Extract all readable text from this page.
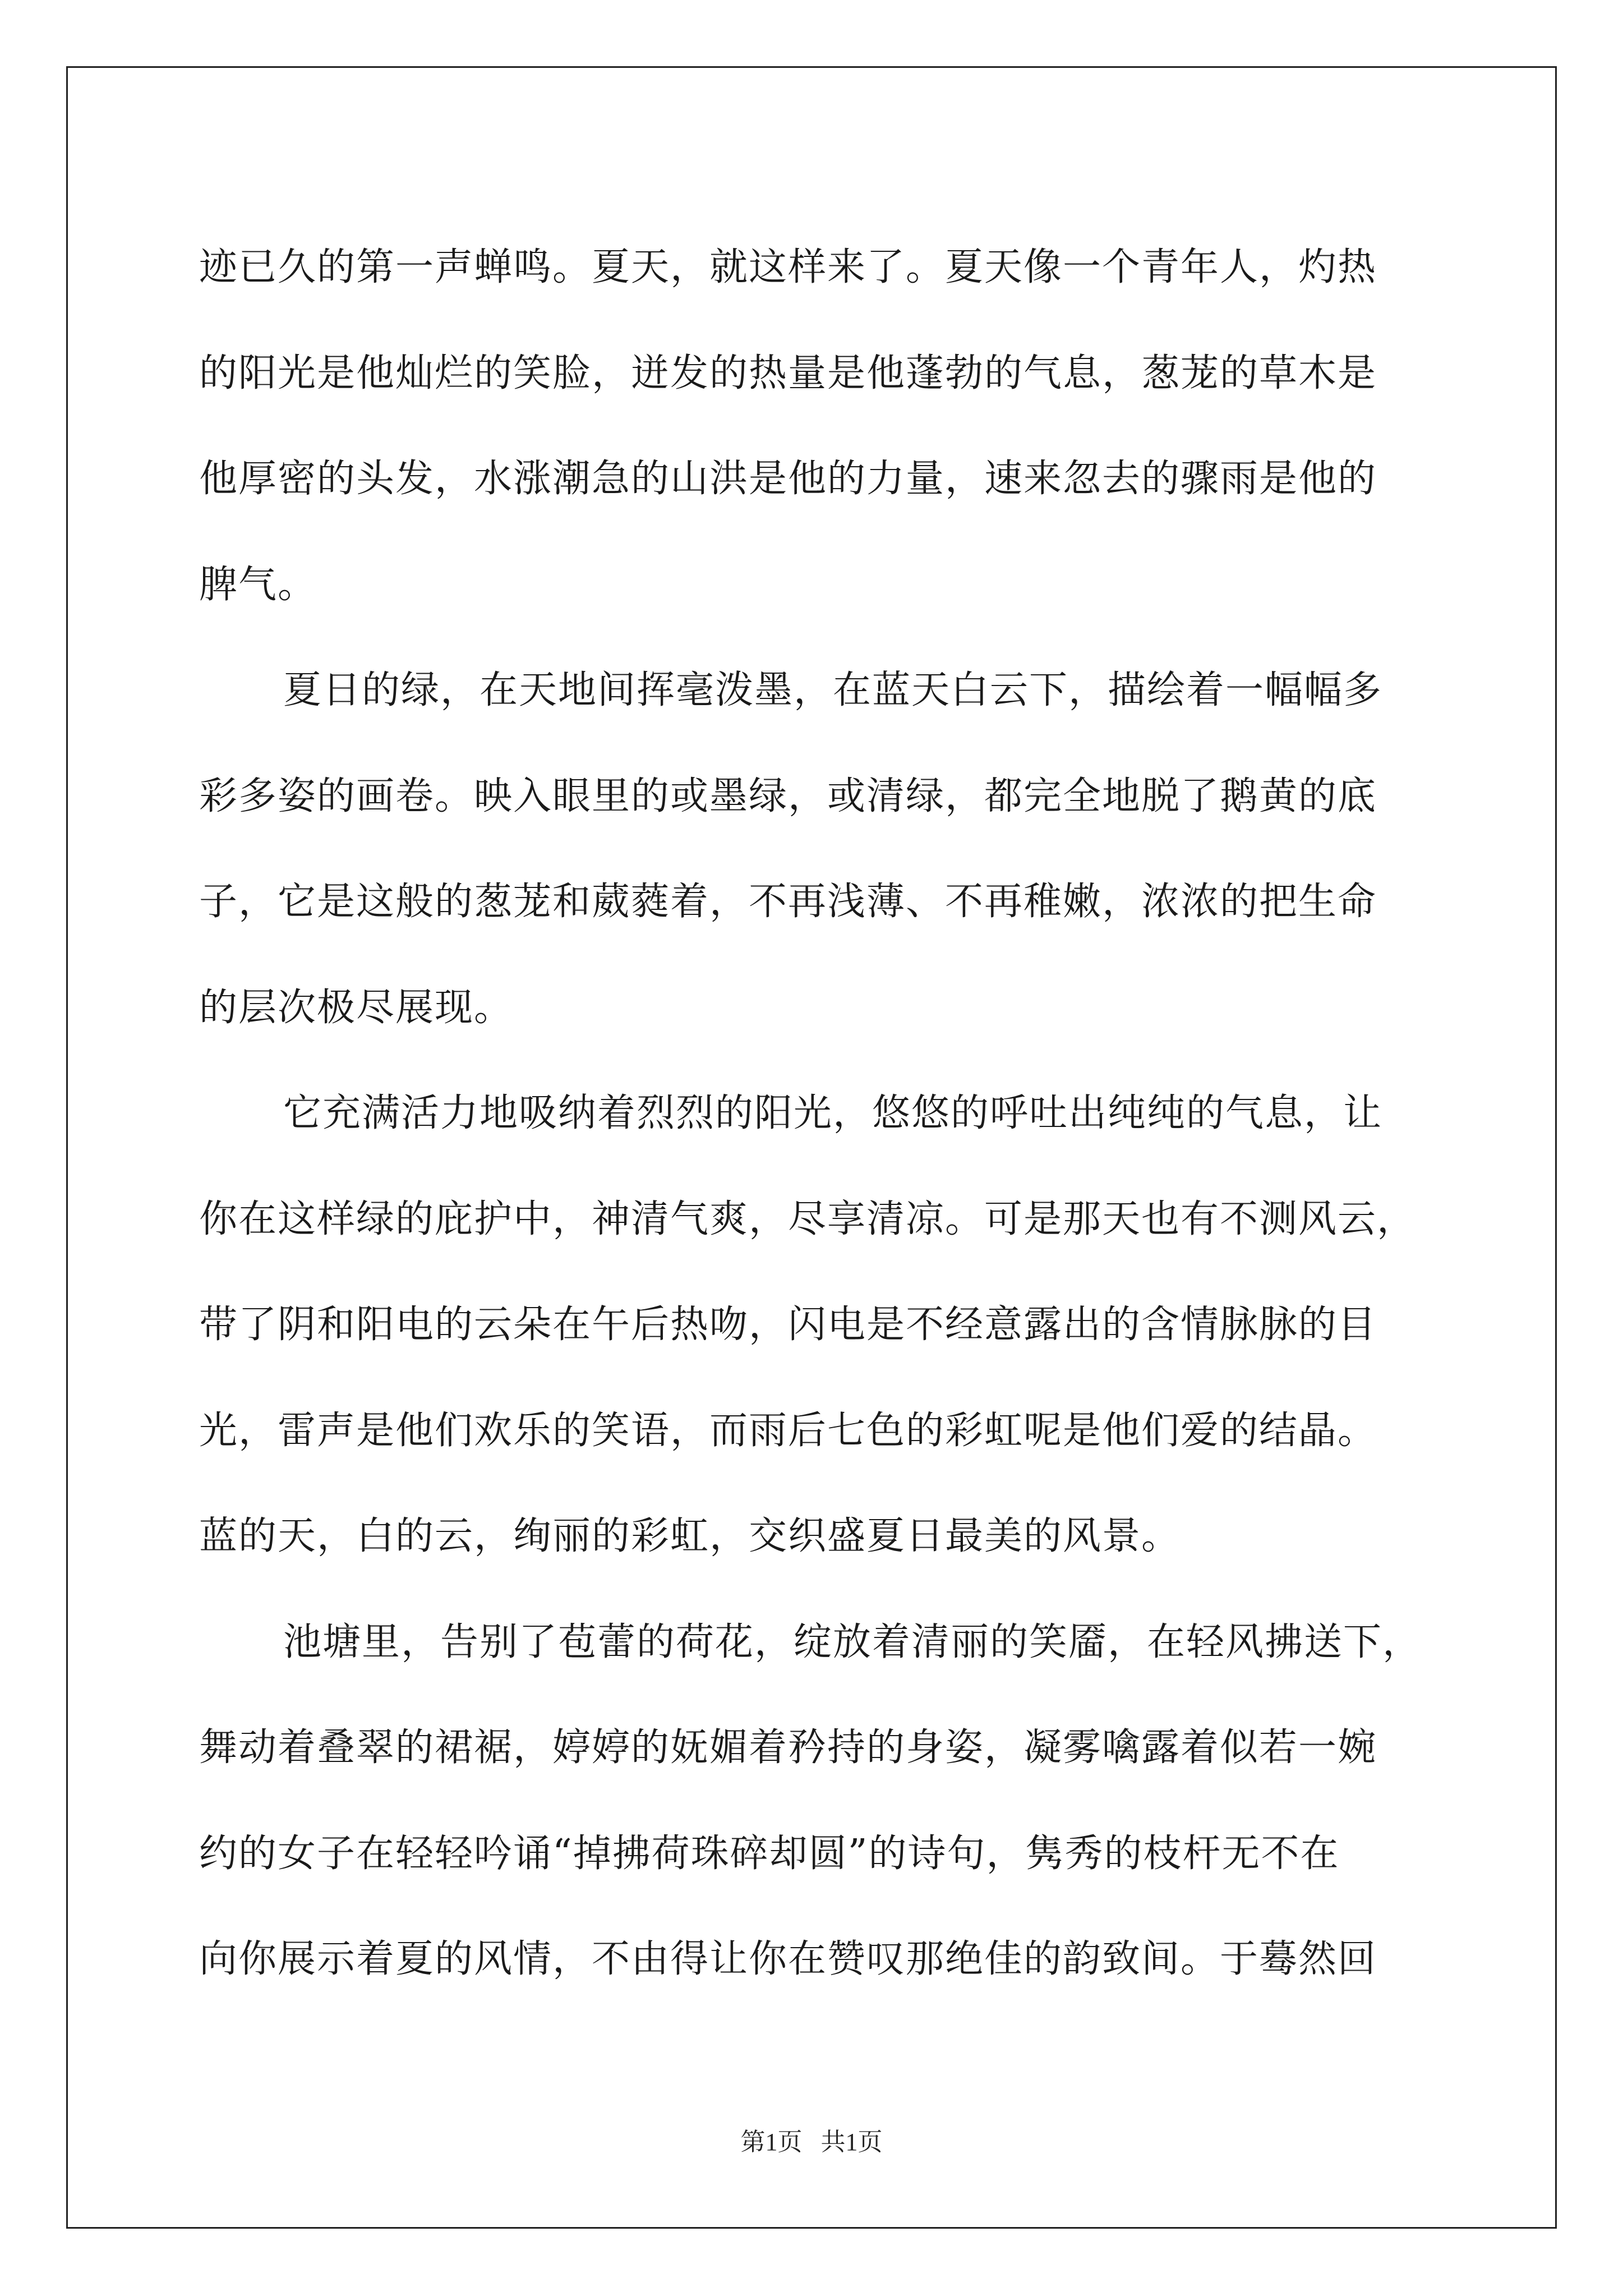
迹已久的第一声蝉鸣。夏天，就这样来了。夏天像一个青年人，灼热
的阳光是他灿烂的笑脸，迸发的热量是他蓬勃的气息，葱茏的草木是
他厚密的头发，水涨潮急的山洪是他的力量，速来忽去的骤雨是他的
脾气。
夏日的绿，在天地间挥毫泼墨，在蓝天白云下，描绘着一幅幅多
彩多姿的画卷。映入眼里的或墨绿，或清绿，都完全地脱了鹅黄的底
子，它是这般的葱茏和葳蕤着，不再浅薄、不再稚嫩，浓浓的把生命
的层次极尽展现。
它充满活力地吸纳着烈烈的阳光，悠悠的呼吐出纯纯的气息，让
你在这样绿的庇护中，神清气爽，尽享清凉。可是那天也有不测风云，
带了阴和阳电的云朵在午后热吻，闪电是不经意露出的含情脉脉的目
光，雷声是他们欢乐的笑语，而雨后七色的彩虹呢是他们爱的结晶。
蓝的天，白的云，绚丽的彩虹，交织盛夏日最美的风景。
池塘里，告别了苞蕾的荷花，绽放着清丽的笑靥，在轻风拂送下，
舞动着叠翠的裙裾，婷婷的妩媚着矜持的身姿，凝雾噙露着似若一婉
约的女子在轻轻吟诵“掉拂荷珠碎却圆”的诗句，隽秀的枝杆无不在
向你展示着夏的风情，不由得让你在赞叹那绝佳的韵致间。于蓦然回
第1页   共1页
